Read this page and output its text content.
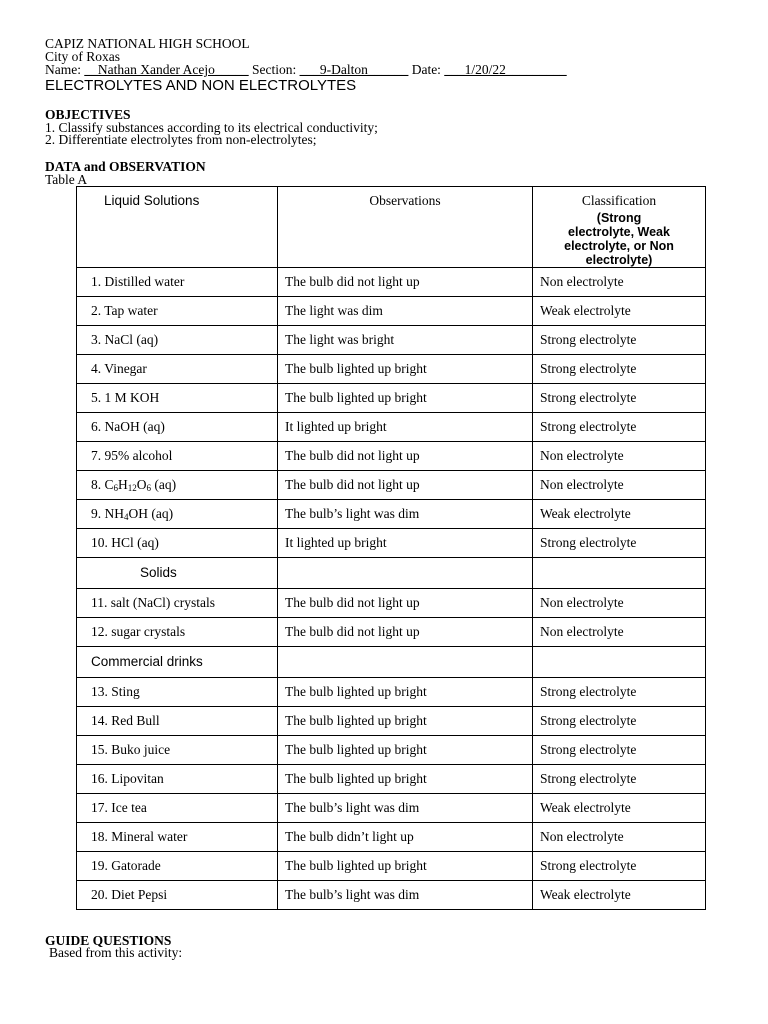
CAPIZ NATIONAL HIGH SCHOOL
City of Roxas
Name: __Nathan Xander Acejo_____ Section: ___9-Dalton______ Date: ___1/20/22_________
ELECTROLYTES AND NON ELECTROLYTES
OBJECTIVES
1. Classify substances according to its electrical conductivity;
2. Differentiate electrolytes from non-electrolytes;
DATA and OBSERVATION
Table A
Liquid Solutions	Observations	Classification
(Strong electrolyte, Weak electrolyte, or Non electrolyte)

1. Distilled water	The bulb did not light up	Non electrolyte
2. Tap water	The light was dim	Weak electrolyte
3. NaCl (aq)	The light was bright	Strong electrolyte
4. Vinegar	The bulb lighted up bright	Strong electrolyte
5. 1 M KOH	The bulb lighted up bright	Strong electrolyte
6. NaOH (aq)	It lighted up bright	Strong electrolyte
7. 95% alcohol	The bulb did not light up	Non electrolyte
8. $C_6H_{12}O_6$ (aq)	The bulb did not light up	Non electrolyte
9. $NH_4OH$ (aq)	The bulb’s light was dim	Weak electrolyte
10. HCl (aq)	It lighted up bright	Strong electrolyte
Solids		
11. salt (NaCl) crystals	The bulb did not light up	Non electrolyte
12. sugar crystals	The bulb did not light up	Non electrolyte
Commercial drinks		
13. Sting	The bulb lighted up bright	Strong electrolyte
14. Red Bull	The bulb lighted up bright	Strong electrolyte
15. Buko juice	The bulb lighted up bright	Strong electrolyte
16. Lipovitan	The bulb lighted up bright	Strong electrolyte
17. Ice tea	The bulb’s light was dim	Weak electrolyte
18. Mineral water	The bulb didn’t light up	Non electrolyte
19. Gatorade	The bulb lighted up bright	Strong electrolyte
20. Diet Pepsi	The bulb’s light was dim	Weak electrolyte
GUIDE QUESTIONS
Based from this activity:
